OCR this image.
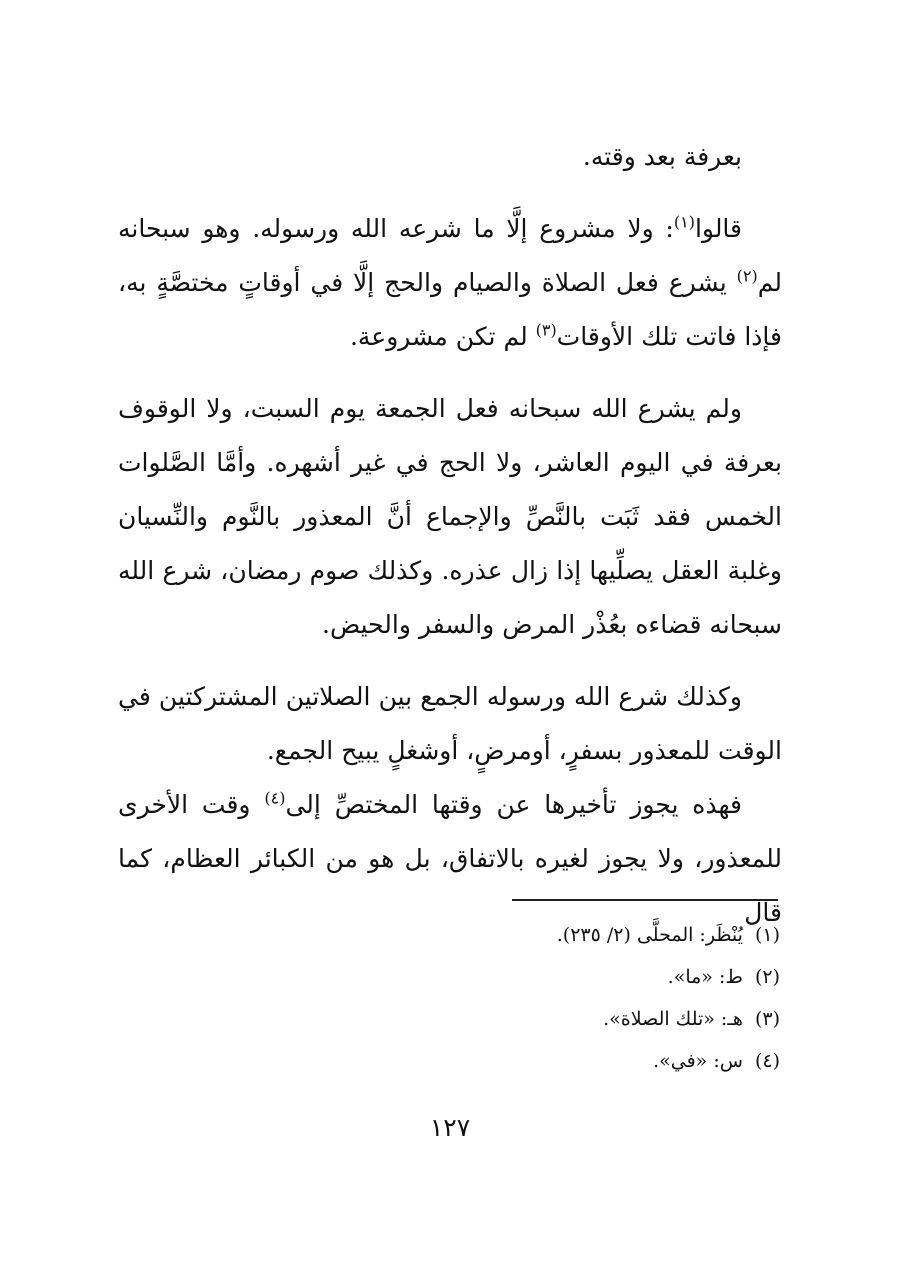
بعرفة بعد وقته.

قالوا$^{(١)}$: ولا مشروع إلَّا ما شرعه الله ورسوله. وهو سبحانه لم$^{(٢)}$ يشرع فعل الصلاة والصيام والحج إلَّا في أوقاتٍ مختصَّةٍ به، فإذا فاتت تلك الأوقات$^{(٣)}$ لم تكن مشروعة.

ولم يشرع الله سبحانه فعل الجمعة يوم السبت، ولا الوقوف بعرفة في اليوم العاشر، ولا الحج في غير أشهره. وأمَّا الصَّلوات الخمس فقد ثَبَت بالنَّصِّ والإجماع أنَّ المعذور بالنَّوم والنِّسيان وغلبة العقل يصلِّيها إذا زال عذره. وكذلك صوم رمضان، شرع الله سبحانه قضاءه بعُذْر المرض والسفر والحيض.

وكذلك شرع الله ورسوله الجمع بين الصلاتين المشتركتين في الوقت للمعذور بسفرٍ، أومرضٍ، أوشغلٍ يبيح الجمع.

فهذه يجوز تأخيرها عن وقتها المختصِّ إلى$^{(٤)}$ وقت الأخرى للمعذور، ولا يجوز لغيره بالاتفاق، بل هو من الكبائر العظام، كما قال

(١)يُنْظَر: المحلَّى (٢/ ٢٣٥).
(٢)ط: «ما».
(٣)هـ: «تلك الصلاة».
(٤)س: «في».
١٢٧
